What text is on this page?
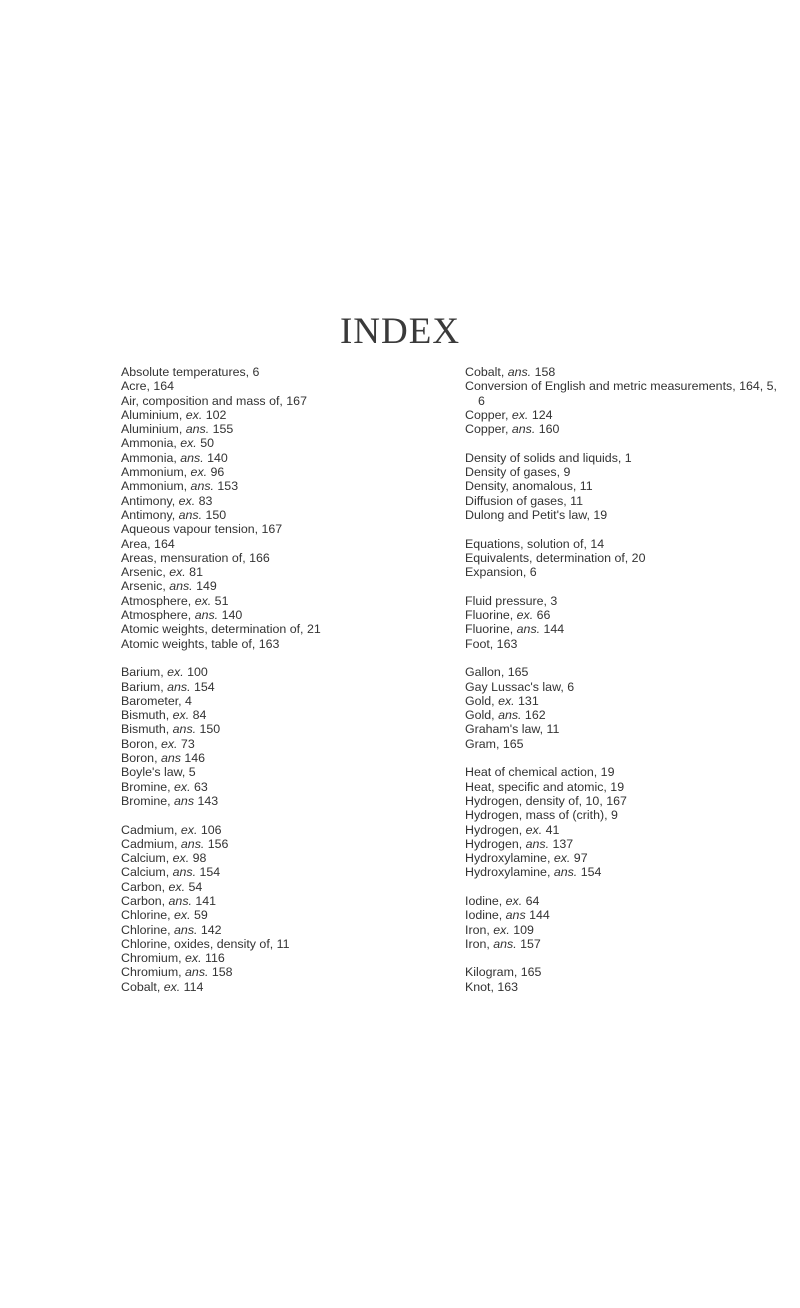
INDEX
Absolute temperatures, 6
Acre, 164
Air, composition and mass of, 167
Aluminium, ex. 102
Aluminium, ans. 155
Ammonia, ex. 50
Ammonia, ans. 140
Ammonium, ex. 96
Ammonium, ans. 153
Antimony, ex. 83
Antimony, ans. 150
Aqueous vapour tension, 167
Area, 164
Areas, mensuration of, 166
Arsenic, ex. 81
Arsenic, ans. 149
Atmosphere, ex. 51
Atmosphere, ans. 140
Atomic weights, determination of, 21
Atomic weights, table of, 163
Barium, ex. 100
Barium, ans. 154
Barometer, 4
Bismuth, ex. 84
Bismuth, ans. 150
Boron, ex. 73
Boron, ans 146
Boyle's law, 5
Bromine, ex. 63
Bromine, ans 143
Cadmium, ex. 106
Cadmium, ans. 156
Calcium, ex. 98
Calcium, ans. 154
Carbon, ex. 54
Carbon, ans. 141
Chlorine, ex. 59
Chlorine, ans. 142
Chlorine, oxides, density of, 11
Chromium, ex. 116
Chromium, ans. 158
Cobalt, ex. 114
Cobalt, ans. 158
Conversion of English and metric measurements, 164, 5, 6
Copper, ex. 124
Copper, ans. 160
Density of solids and liquids, 1
Density of gases, 9
Density, anomalous, 11
Diffusion of gases, 11
Dulong and Petit's law, 19
Equations, solution of, 14
Equivalents, determination of, 20
Expansion, 6
Fluid pressure, 3
Fluorine, ex. 66
Fluorine, ans. 144
Foot, 163
Gallon, 165
Gay Lussac's law, 6
Gold, ex. 131
Gold, ans. 162
Graham's law, 11
Gram, 165
Heat of chemical action, 19
Heat, specific and atomic, 19
Hydrogen, density of, 10, 167
Hydrogen, mass of (crith), 9
Hydrogen, ex. 41
Hydrogen, ans. 137
Hydroxylamine, ex. 97
Hydroxylamine, ans. 154
Iodine, ex. 64
Iodine, ans 144
Iron, ex. 109
Iron, ans. 157
Kilogram, 165
Knot, 163
